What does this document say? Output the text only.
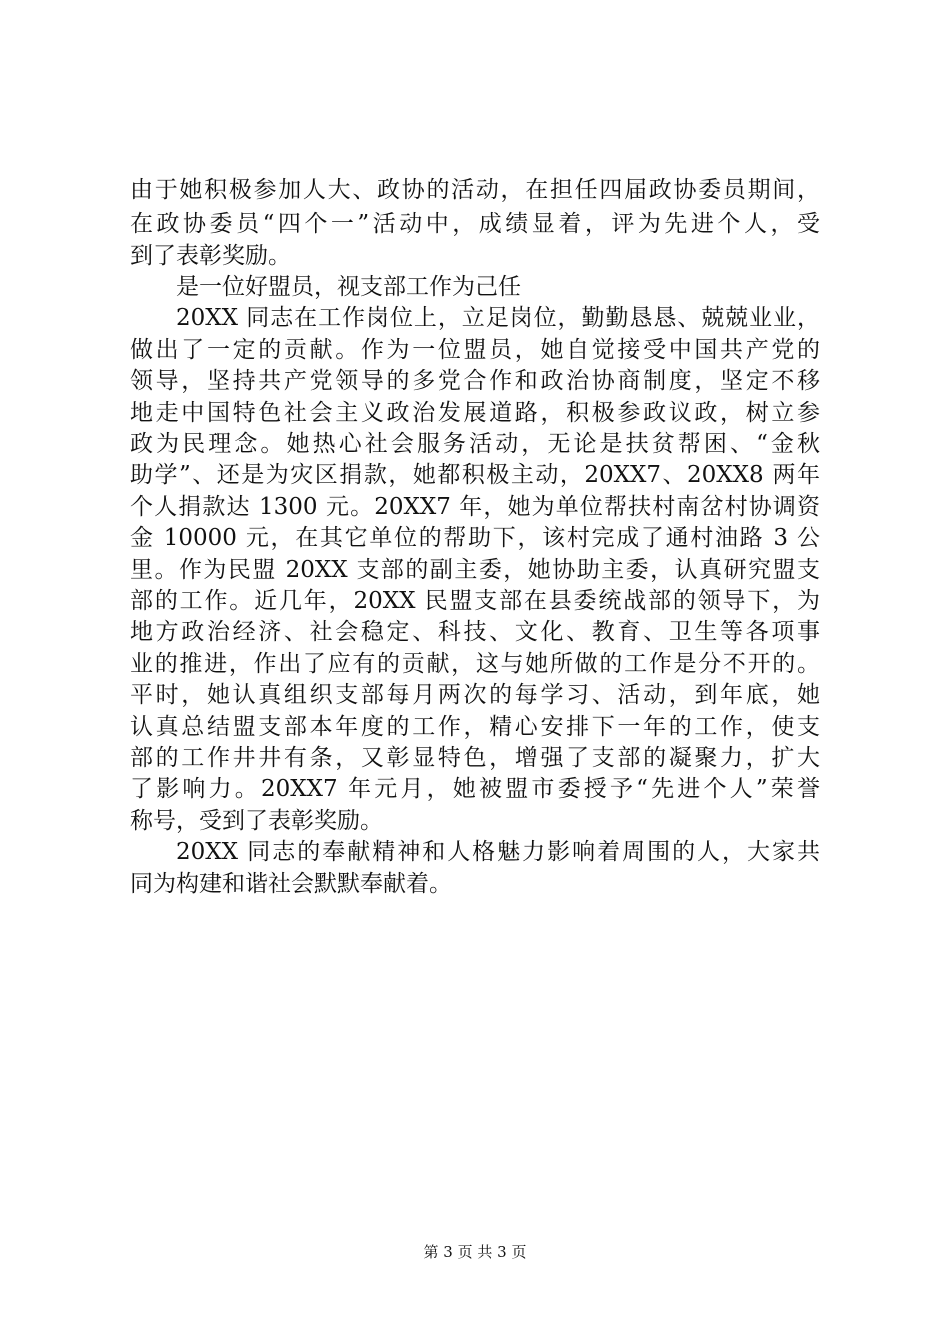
由于她积极参加人大、政协的活动，在担任四届政协委员期间，
在政协委员“四个一”活动中，成绩显着，评为先进个人，受
到了表彰奖励。
是一位好盟员，视支部工作为己任
20XX 同志在工作岗位上，立足岗位，勤勤恳恳、兢兢业业，
做出了一定的贡献。作为一位盟员，她自觉接受中国共产党的
领导，坚持共产党领导的多党合作和政治协商制度，坚定不移
地走中国特色社会主义政治发展道路，积极参政议政，树立参
政为民理念。她热心社会服务活动，无论是扶贫帮困、“金秋
助学”、还是为灾区捐款，她都积极主动，20XX7、20XX8 两年
个人捐款达 1300 元。20XX7 年，她为单位帮扶村南岔村协调资
金 10000 元，在其它单位的帮助下，该村完成了通村油路 3 公
里。作为民盟 20XX 支部的副主委，她协助主委，认真研究盟支
部的工作。近几年，20XX 民盟支部在县委统战部的领导下，为
地方政治经济、社会稳定、科技、文化、教育、卫生等各项事
业的推进，作出了应有的贡献，这与她所做的工作是分不开的。
平时，她认真组织支部每月两次的每学习、活动，到年底，她
认真总结盟支部本年度的工作，精心安排下一年的工作，使支
部的工作井井有条，又彰显特色，增强了支部的凝聚力，扩大
了影响力。20XX7 年元月，她被盟市委授予“先进个人”荣誉
称号，受到了表彰奖励。
20XX 同志的奉献精神和人格魅力影响着周围的人，大家共
同为构建和谐社会默默奉献着。
第 3 页 共 3 页
